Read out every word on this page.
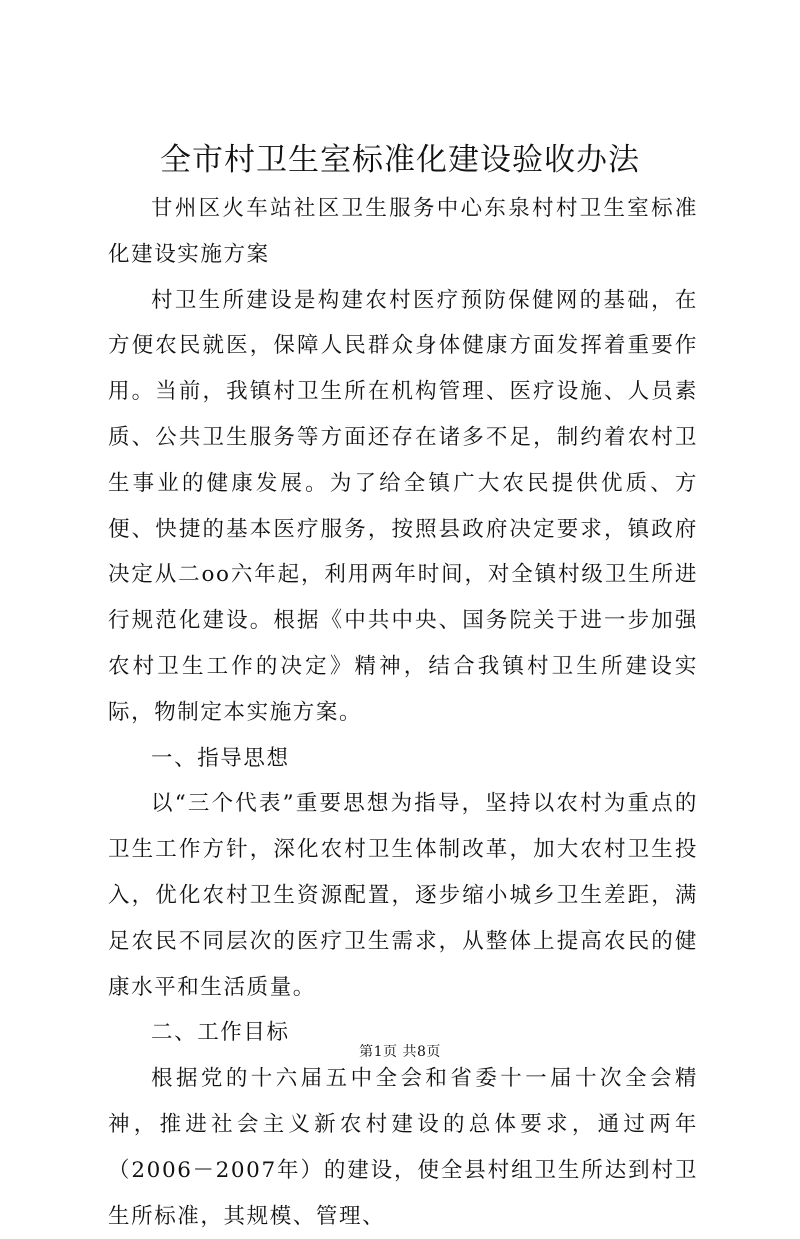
全市村卫生室标准化建设验收办法

甘州区火车站社区卫生服务中心东泉村村卫生室标准化建设实施方案

村卫生所建设是构建农村医疗预防保健网的基础，在方便农民就医，保障人民群众身体健康方面发挥着重要作用。当前，我镇村卫生所在机构管理、医疗设施、人员素质、公共卫生服务等方面还存在诸多不足，制约着农村卫生事业的健康发展。为了给全镇广大农民提供优质、方便、快捷的基本医疗服务，按照县政府决定要求，镇政府决定从二oo六年起，利用两年时间，对全镇村级卫生所进行规范化建设。根据《中共中央、国务院关于进一步加强农村卫生工作的决定》精神，结合我镇村卫生所建设实际，物制定本实施方案。

一、指导思想

以“三个代表”重要思想为指导，坚持以农村为重点的卫生工作方针，深化农村卫生体制改革，加大农村卫生投入，优化农村卫生资源配置，逐步缩小城乡卫生差距，满足农民不同层次的医疗卫生需求，从整体上提高农民的健康水平和生活质量。

二、工作目标

根据党的十六届五中全会和省委十一届十次全会精神，推进社会主义新农村建设的总体要求，通过两年（2006－2007年）的建设，使全县村组卫生所达到村卫生所标准，其规模、管理、

第1页 共8页
